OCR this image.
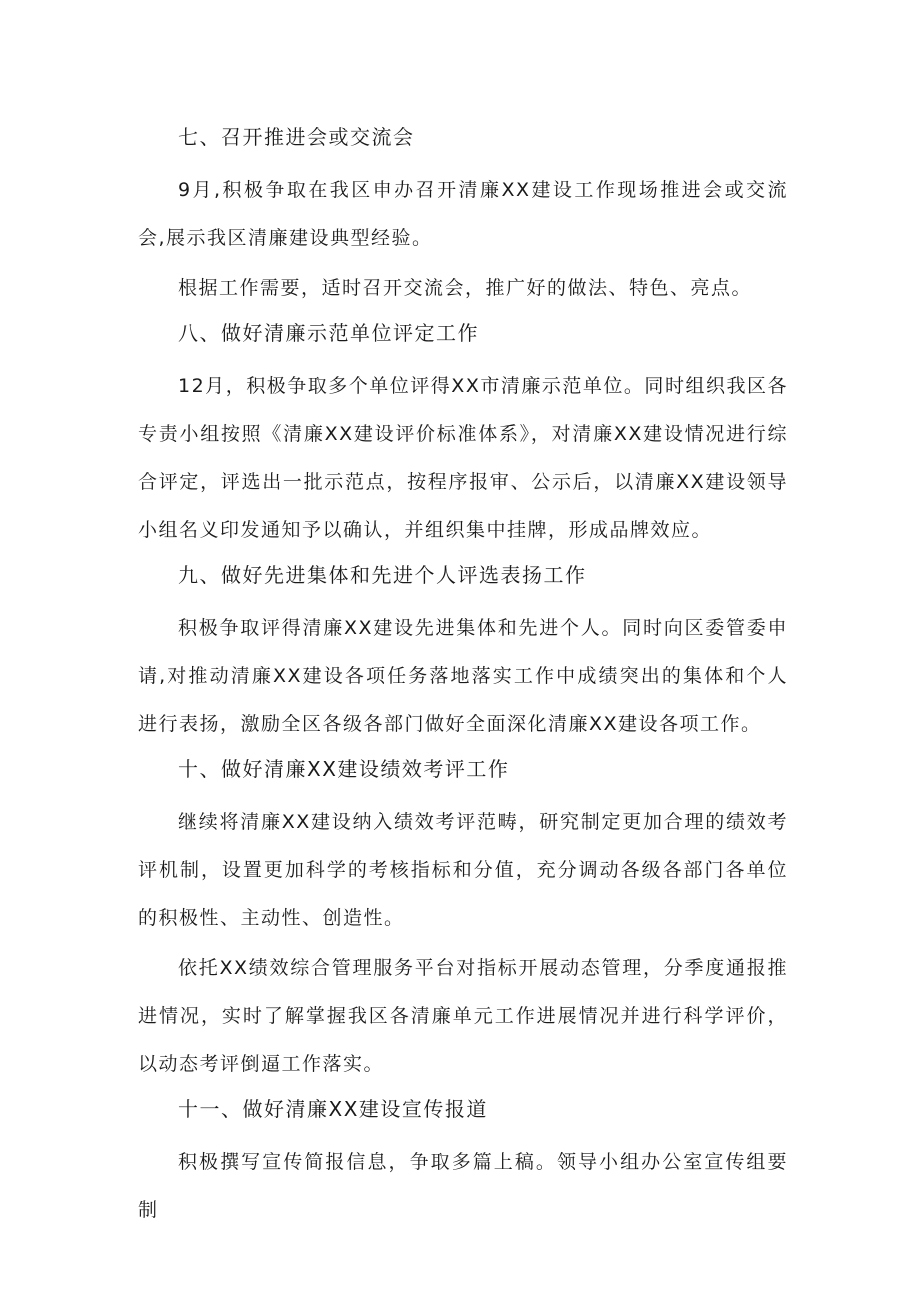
七、召开推进会或交流会

9月,积极争取在我区申办召开清廉XX建设工作现场推进会或交流会,展示我区清廉建设典型经验。

根据工作需要，适时召开交流会，推广好的做法、特色、亮点。

八、做好清廉示范单位评定工作

12月，积极争取多个单位评得XX市清廉示范单位。同时组织我区各专责小组按照《清廉XX建设评价标准体系》，对清廉XX建设情况进行综合评定，评选出一批示范点，按程序报审、公示后，以清廉XX建设领导小组名义印发通知予以确认，并组织集中挂牌，形成品牌效应。

九、做好先进集体和先进个人评选表扬工作

积极争取评得清廉XX建设先进集体和先进个人。同时向区委管委申请,对推动清廉XX建设各项任务落地落实工作中成绩突出的集体和个人进行表扬，激励全区各级各部门做好全面深化清廉XX建设各项工作。

十、做好清廉XX建设绩效考评工作

继续将清廉XX建设纳入绩效考评范畴，研究制定更加合理的绩效考评机制，设置更加科学的考核指标和分值，充分调动各级各部门各单位的积极性、主动性、创造性。

依托XX绩效综合管理服务平台对指标开展动态管理，分季度通报推进情况，实时了解掌握我区各清廉单元工作进展情况并进行科学评价，以动态考评倒逼工作落实。

十一、做好清廉XX建设宣传报道

积极撰写宣传简报信息，争取多篇上稿。领导小组办公室宣传组要制
